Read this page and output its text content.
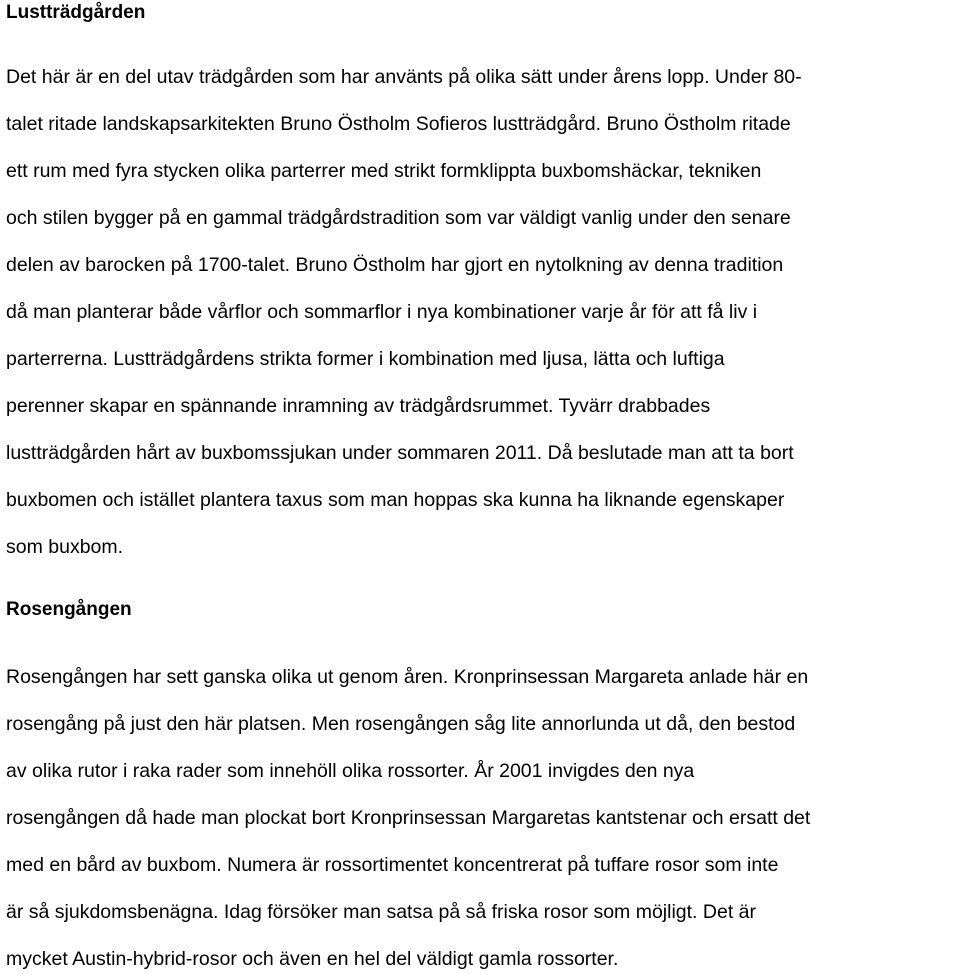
Lustträdgården
Det här är en del utav trädgården som har använts på olika sätt under årens lopp. Under 80-
talet ritade landskapsarkitekten Bruno Östholm Sofieros lustträdgård. Bruno Östholm ritade
ett rum med fyra stycken olika parterrer med strikt formklippta buxbomshäckar, tekniken
och stilen bygger på en gammal trädgårdstradition som var väldigt vanlig under den senare
delen av barocken på 1700-talet. Bruno Östholm har gjort en nytolkning av denna tradition
då man planterar både vårflor och sommarflor i nya kombinationer varje år för att få liv i
parterrerna. Lustträdgårdens strikta former i kombination med ljusa, lätta och luftiga
perenner skapar en spännande inramning av trädgårdsrummet. Tyvärr drabbades
lustträdgården hårt av buxbomssjukan under sommaren 2011. Då beslutade man att ta bort
buxbomen och istället plantera taxus som man hoppas ska kunna ha liknande egenskaper
som buxbom.
Rosengången
Rosengången har sett ganska olika ut genom åren. Kronprinsessan Margareta anlade här en
rosengång på just den här platsen. Men rosengången såg lite annorlunda ut då, den bestod
av olika rutor i raka rader som innehöll olika rossorter. År 2001 invigdes den nya
rosengången då hade man plockat bort Kronprinsessan Margaretas kantstenar och ersatt det
med en bård av buxbom. Numera är rossortimentet koncentrerat på tuffare rosor som inte
är så sjukdomsbenägna. Idag försöker man satsa på så friska rosor som möjligt. Det är
mycket Austin-hybrid-rosor och även en hel del väldigt gamla rossorter.
